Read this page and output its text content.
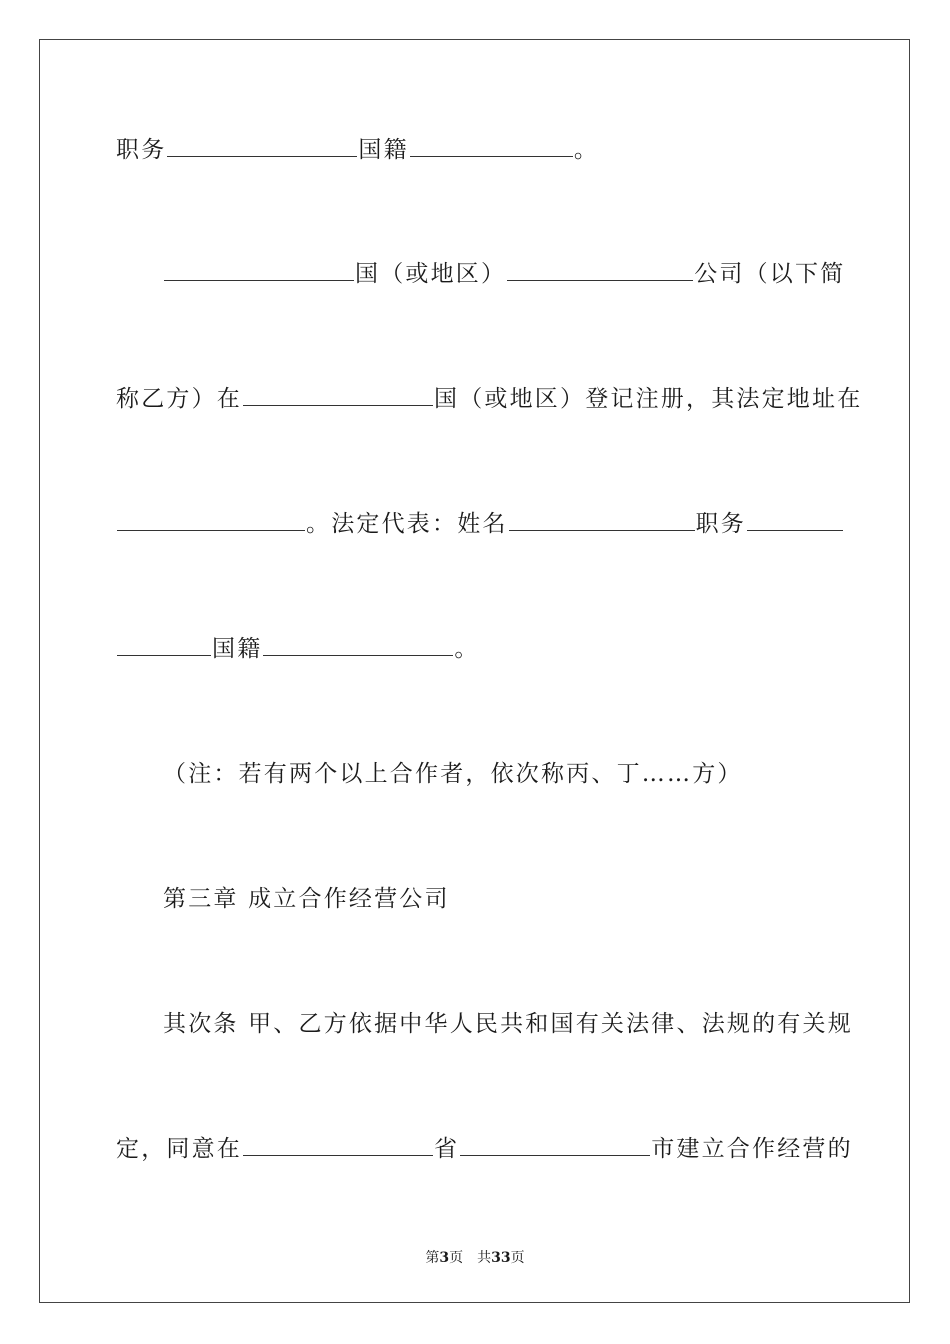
职务	国籍	。
国（或地区）	公司（以下简
称乙方）在	国（或地区）登记注册，其法定地址在
。法定代表：姓名	职务
国籍	。
（注：若有两个以上合作者，依次称丙、丁……方）
第三章 成立合作经营公司
其次条 甲、乙方依据中华人民共和国有关法律、法规的有关规
定，同意在	省	市建立合作经营的
第3页 共33页
